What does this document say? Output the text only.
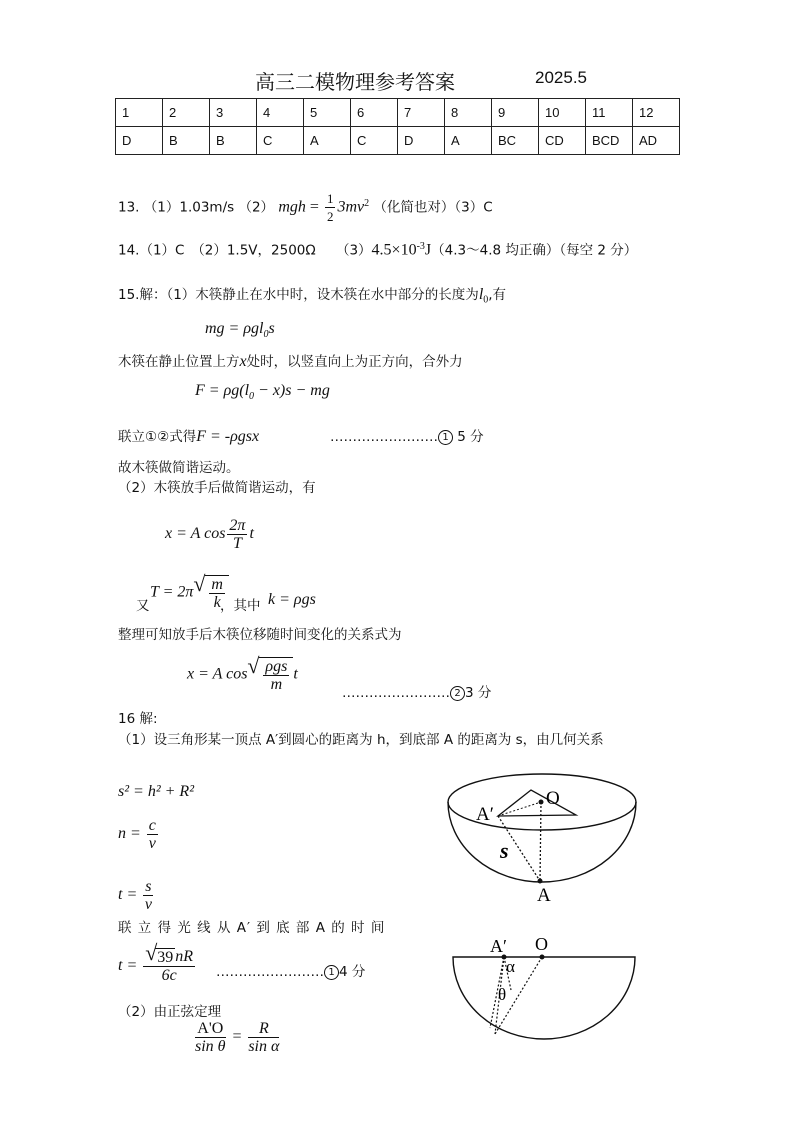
高三二模物理参考答案	2025.5
1	2	3	4	5	6	7	8	9	10	11	12
D	B	B	C	A	C	D	A	BC	CD	BCD	AD
13. （1）1.03m/s （2） mgh = $\frac{1}{2} 3mv^2$ （化简也对）（3）C
14.（1）C　（2）1.5V，2500Ω　　$(3)4.5\times 10^{-3}J(4.3\sim 4.8$ 均正确）（每空 2 分）
15.解：（1）木筷静止在水中时，设木筷在水中部分的长度为$l_0$,有
mg = ρgl$_0$s
木筷在静止位置上方x处时，以竖直向上为正方向，合外力
$F = \rho g(l_0 - x)s$ − mg
联立①②式得F = -ρgsx	…………………… 1 5 分
故木筷做简谐运动。
（2）木筷放手后做简谐运动，有
x = A $\cos \frac{2\pi}{T}$ t
T = 2π √ $\frac{m}{k}$
又	，其中 k = ρgs
整理可知放手后木筷位移随时间变化的关系式为
x = A cos √ $\frac{\text{ρgs}}{m}$ t
…………………… 2 3 分
16 解:
（1）设三角形某一顶点 A′到圆心的距离为 h，到底部 A 的距离为 s，由几何关系
s² = h² + R²
$n = \frac{c}{v}$
$t = \frac{s}{v}$
联 立 得 光 线 从 A′ 到 底 部 A 的 时 间
t = √ $\frac{39 nR}{6c}$ …………………… 1 4 分
（2）由正弦定理
$\frac{A'O}{\text{sin θ}} = \frac{R}{\text{sin α}}$
A′
O
s
A
A′ O
α
θ
